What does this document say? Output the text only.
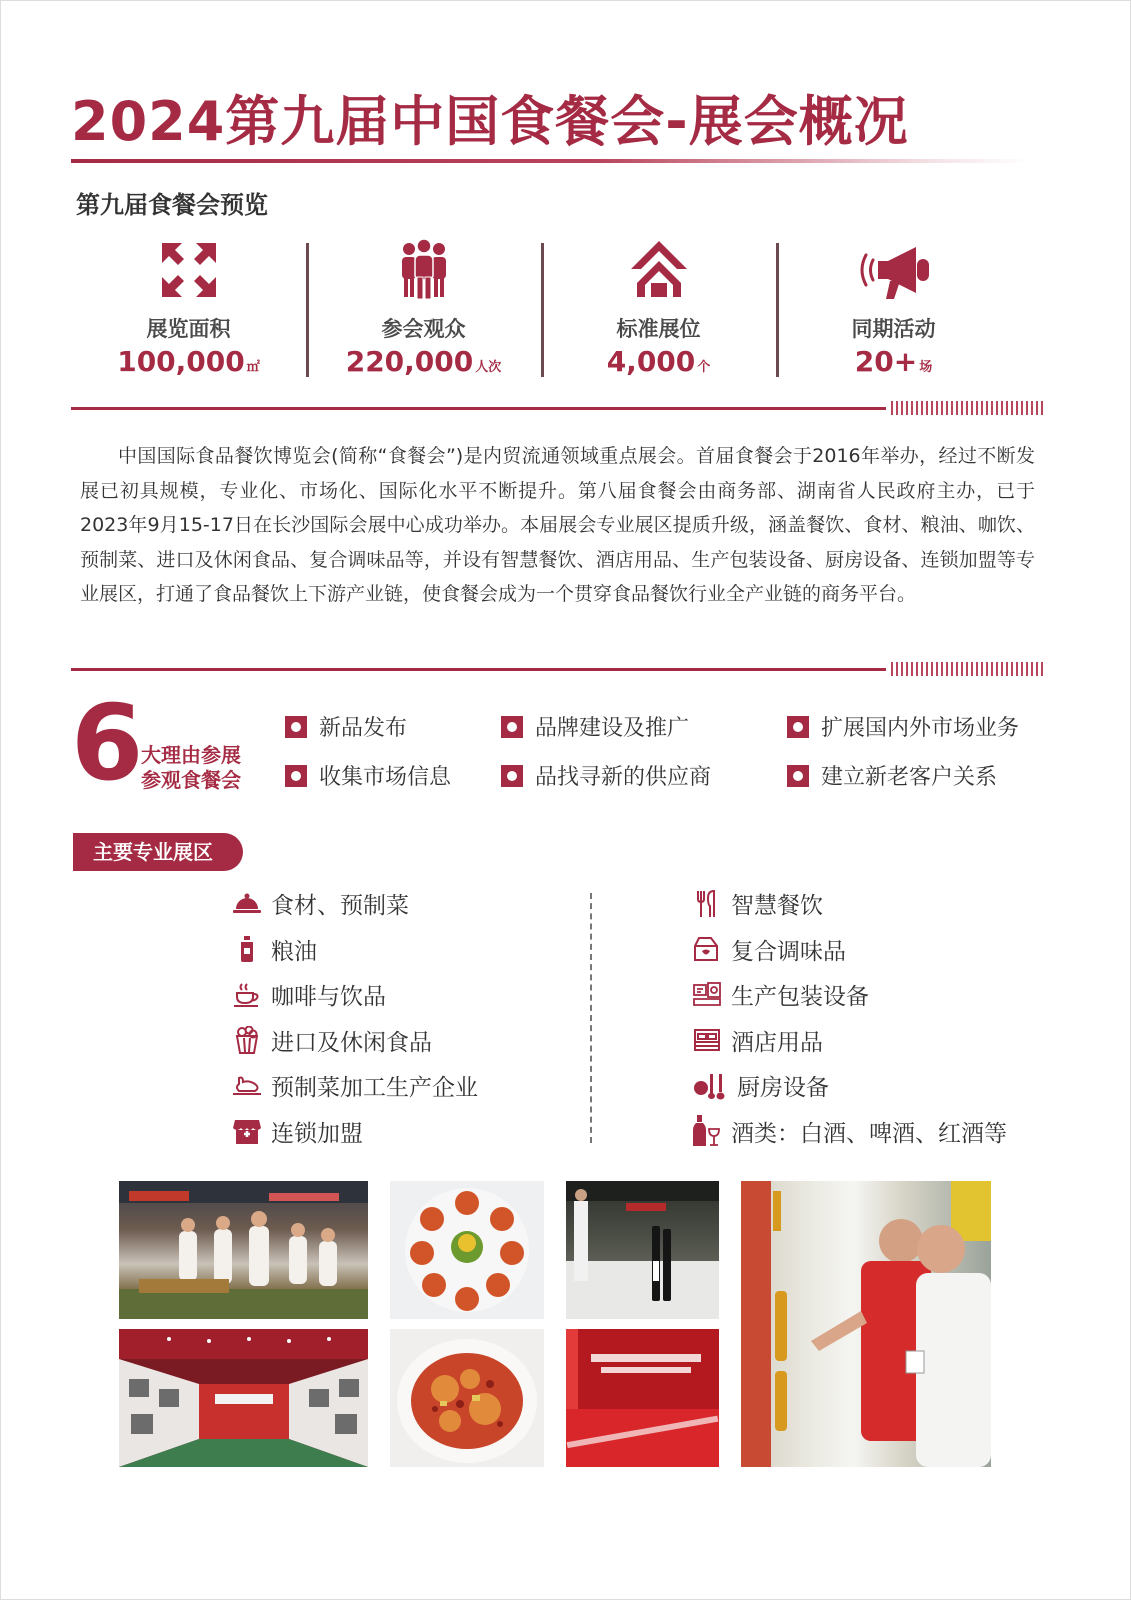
2024第九届中国食餐会-展会概况
第九届食餐会预览
展览面积
100,000 ㎡
参会观众
220,000 人次
标准展位
4,000 个
同期活动
20+ 场

中国国际食品餐饮博览会(简称“食餐会”)是内贸流通领域重点展会。首届食餐会于2016年举办，经过不断发展已初具规模，专业化、市场化、国际化水平不断提升。第八届食餐会由商务部、湖南省人民政府主办，已于2023年9月15-17日在长沙国际会展中心成功举办。本届展会专业展区提质升级，涵盖餐饮、食材、粮油、咖饮、预制菜、进口及休闲食品、复合调味品等，并设有智慧餐饮、酒店用品、生产包装设备、厨房设备、连锁加盟等专业展区，打通了食品餐饮上下游产业链，使食餐会成为一个贯穿食品餐饮行业全产业链的商务平台。

6
大理由参展
参观食餐会
新品发布	品牌建设及推广	扩展国内外市场业务
收集市场信息	品找寻新的供应商	建立新老客户关系
主要专业展区
食材、预制菜
粮油
咖啡与饮品
进口及休闲食品
预制菜加工生产企业
连锁加盟
智慧餐饮
复合调味品
生产包装设备
酒店用品
厨房设备
酒类：白酒、啤酒、红酒等
